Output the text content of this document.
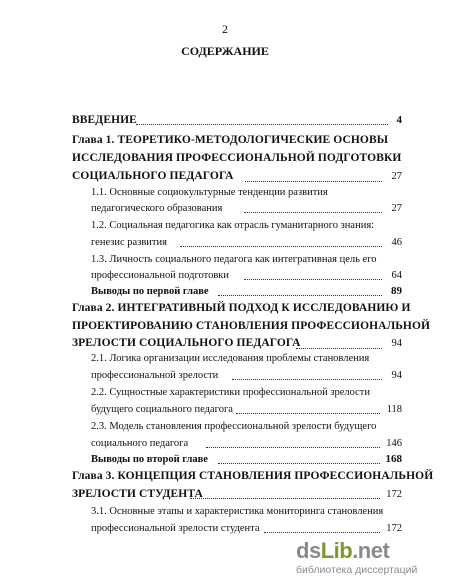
2
СОДЕРЖАНИЕ
ВВЕДЕНИЕ	4
Глава 1. ТЕОРЕТИКО-МЕТОДОЛОГИЧЕСКИЕ ОСНОВЫ
ИССЛЕДОВАНИЯ ПРОФЕССИОНАЛЬНОЙ ПОДГОТОВКИ
СОЦИАЛЬНОГО ПЕДАГОГА	27
1.1. Основные социокультурные тенденции развития
педагогического образования	27
1.2. Социальная педагогика как отрасль гуманитарного знания:
генезис развития	46
1.3. Личность социального педагога как интегративная цель его
профессиональной подготовки	64
Выводы по первой главе	89
Глава 2. ИНТЕГРАТИВНЫЙ ПОДХОД К ИССЛЕДОВАНИЮ И
ПРОЕКТИРОВАНИЮ СТАНОВЛЕНИЯ ПРОФЕССИОНАЛЬНОЙ
ЗРЕЛОСТИ СОЦИАЛЬНОГО ПЕДАГОГА	94
2.1. Логика организации исследования проблемы становления
профессиональной зрелости	94
2.2. Сущностные характеристики профессиональной зрелости
будущего социального педагога	118
2.3. Модель становления профессиональной зрелости будущего
социального педагога	146
Выводы по второй главе	168
Глава 3. КОНЦЕПЦИЯ СТАНОВЛЕНИЯ ПРОФЕССИОНАЛЬНОЙ
ЗРЕЛОСТИ СТУДЕНТА	172
3.1. Основные этапы и характеристика мониторинга становления
профессиональной зрелости студента	172
dsLib.net
библиотека диссертаций
